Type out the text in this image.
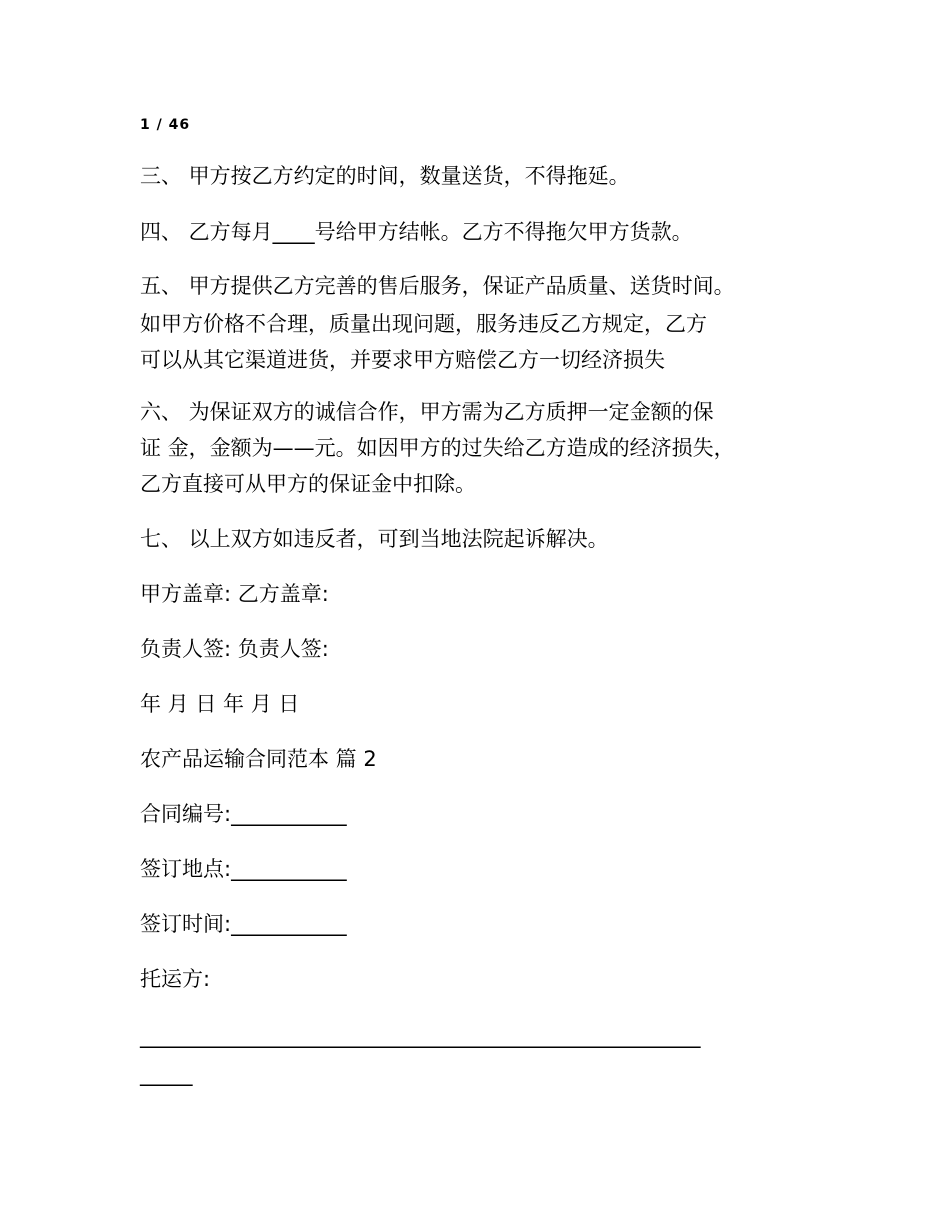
1 / 46
三、 甲方按乙方约定的时间，数量送货，不得拖延。
四、 乙方每月____号给甲方结帐。乙方不得拖欠甲方货款。
五、 甲方提供乙方完善的售后服务，保证产品质量、送货时间。
如甲方价格不合理，质量出现问题，服务违反乙方规定，乙方
可以从其它渠道进货，并要求甲方赔偿乙方一切经济损失
六、 为保证双方的诚信合作，甲方需为乙方质押一定金额的保
证 金，金额为——元。如因甲方的过失给乙方造成的经济损失，
乙方直接可从甲方的保证金中扣除。
七、 以上双方如违反者，可到当地法院起诉解决。
甲方盖章: 乙方盖章:
负责人签: 负责人签:
年 月 日 年 月 日
农产品运输合同范本 篇 2
合同编号:___________
签订地点:___________
签订时间:___________
托运方:
________________________________________________________
_____
